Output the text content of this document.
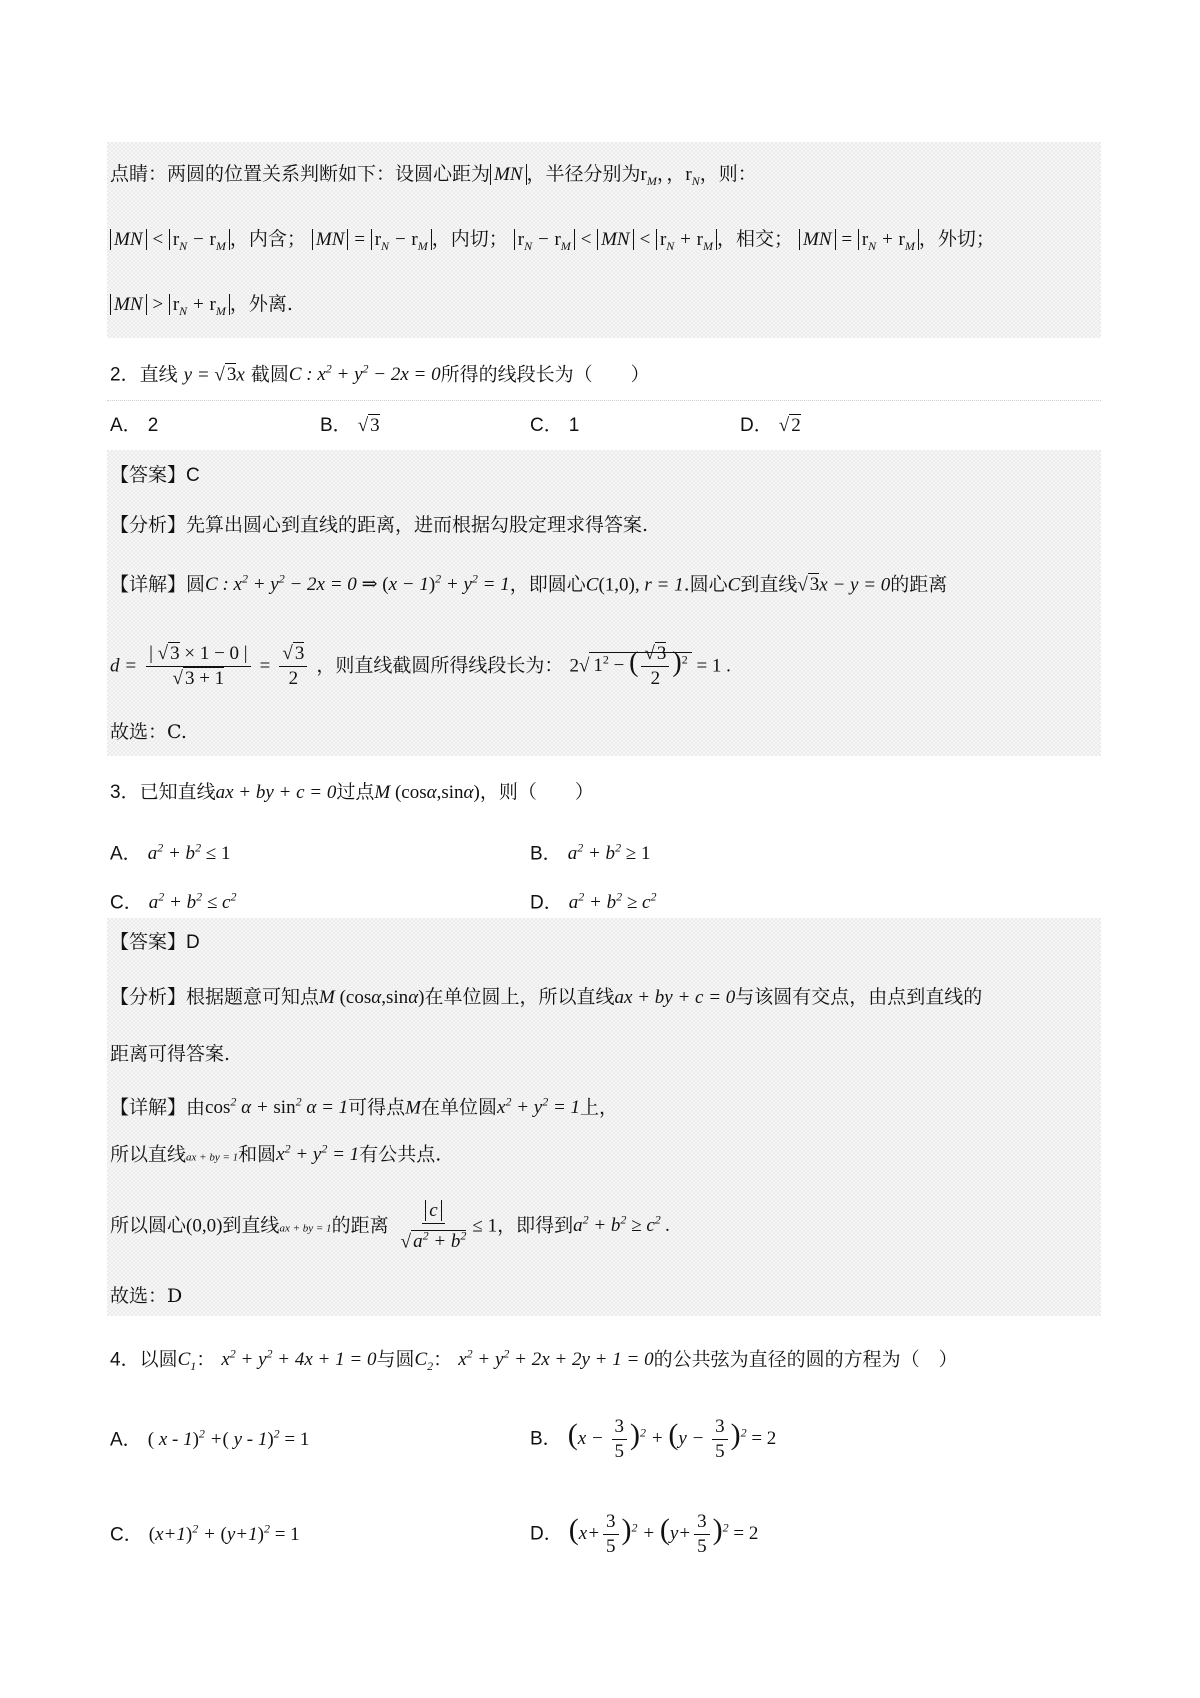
点睛：两圆的位置关系判断如下：设圆心距为 MN ，半径分别为$r_M$，，$r_N$，则：
MN < $r_N - r_M$ ，内含； MN = $r_N - r_M$ ，内切； $r_N - r_M$ < MN < $r_N + r_M$ ，相交； MN = $r_N + r_M$ ，外切；
MN > $r_N + r_M$ ，外离.
2．直线 y = √ 3x 截圆C : $x^2 + y^2 - 2x = 0$所得的线段长为（　　）
A． 2	B． √ 3	C． 1	D． √ 2
【答案】C
【分析】先算出圆心到直线的距离，进而根据勾股定理求得答案.
【详解】圆C : $x^2 + y^2 - 2x = 0$ ⇒ $(x - 1)^2 + y^2 = 1$，即圆心C(1,0), r = 1.圆心C到直线√ 3x − y = 0的距离
$d = \frac{| √ 3 \times 1 - 0 |}{√ 3 + 1} = \frac{√ 3}{2}$ ，则直线截圆所得线段长为： 2√ $1^2$ − ( $\frac{√ 3}{2} )^2 = 1$ .
故选：C.
3．已知直线ax + by + c = 0过点M (cosα,sinα)，则（　　）
A． $a^2 + b^2 \le 1$	B． $a^2 + b^2 \ge 1$
C． $a^2 + b^2 \le c^2$	D． $a^2 + b^2 \ge c^2$
【答案】D
【分析】根据题意可知点M (cosα,sinα)在单位圆上，所以直线ax + by + c = 0与该圆有交点，由点到直线的
距离可得答案.
【详解】由$\cos^2 \alpha + \sin^2 \alpha = 1$可得点M在单位圆$x^2 + y^2 = 1$上，
所以直线ax + by = 1和圆$x^2 + y^2 = 1$有公共点.
所以圆心(0,0)到直线ax + by = 1的距离 $\frac{c}{√ a^2 + b^2} \le 1$，即得到$a^2 + b^2 \ge c^2$ .
故选：D
4．以圆$C_1$： $x^2 + y^2 + 4x + 1 = 0$与圆$C_2$： $x^2 + y^2 + 2x + 2y + 1 = 0$的公共弦为直径的圆的方程为（　）
A． ( x - 1)$^2$ +( y - 1)$^2$ = 1	B． $(x - \frac{3}{5} )^2 + (y - \frac{3}{5} )^2 = 2$
C． $(x+1)^2 + (y+1)^2 = 1$	D． $(x+ \frac{3}{5} )^2 + (y+ \frac{3}{5} )^2 = 2$
